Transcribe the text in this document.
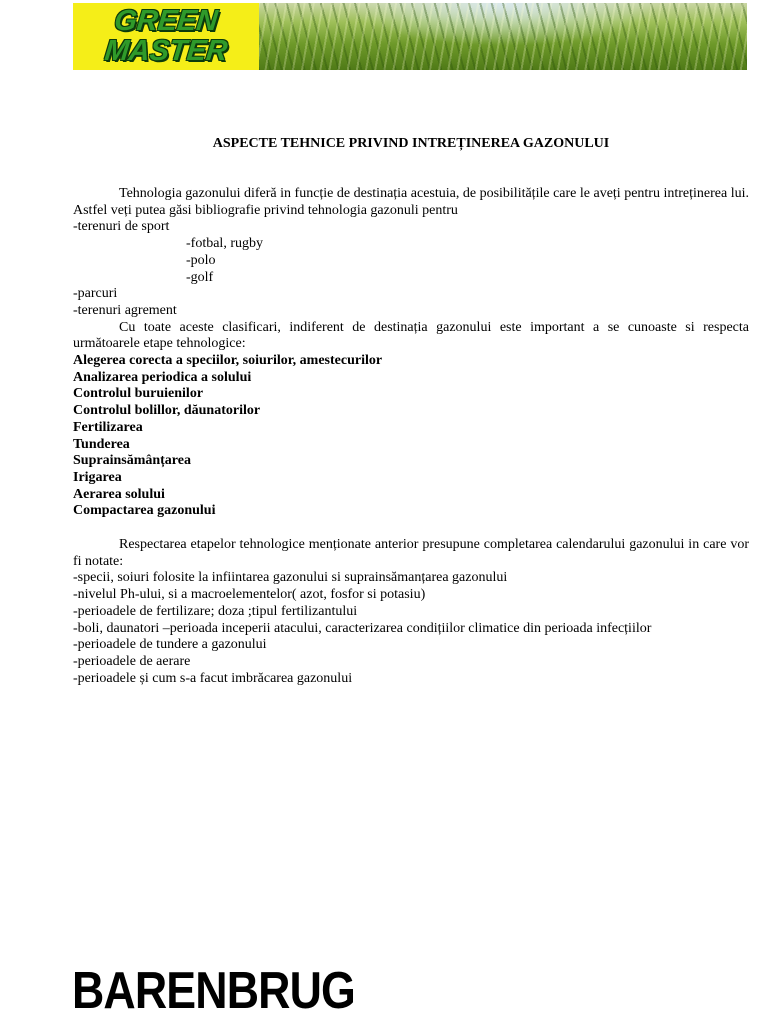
GREEN
MASTER
ASPECTE TEHNICE PRIVIND INTREȚINEREA GAZONULUI

Tehnologia gazonului diferă in funcție de destinația acestuia, de posibilitățile care le aveți pentru intreținerea lui. Astfel veți putea găsi bibliografie privind tehnologia gazonuli pentru

-terenuri de sport

-fotbal, rugby

-polo

-golf

-parcuri

-terenuri agrement

Cu toate aceste clasificari, indiferent de destinația gazonului este important a se cunoaste si respecta următoarele etape tehnologice:

Alegerea corecta a speciilor, soiurilor, amestecurilor

Analizarea periodica a solului

Controlul buruienilor

Controlul bolillor, dăunatorilor

Fertilizarea

Tunderea

Suprainsămânțarea

Irigarea

Aerarea solului

Compactarea gazonului

Respectarea etapelor tehnologice menționate anterior presupune completarea calendarului gazonului in care vor fi notate:

-specii, soiuri folosite la infiintarea gazonului si suprainsămanțarea gazonului

-nivelul Ph-ului, si a macroelementelor( azot, fosfor si potasiu)

-perioadele de fertilizare; doza ;tipul fertilizantului

-boli, daunatori –perioada inceperii atacului, caracterizarea condițiilor climatice din perioada infecțiilor

-perioadele de tundere a gazonului

-perioadele de aerare

-perioadele și cum s-a facut imbrăcarea gazonului

BARENBRUG
